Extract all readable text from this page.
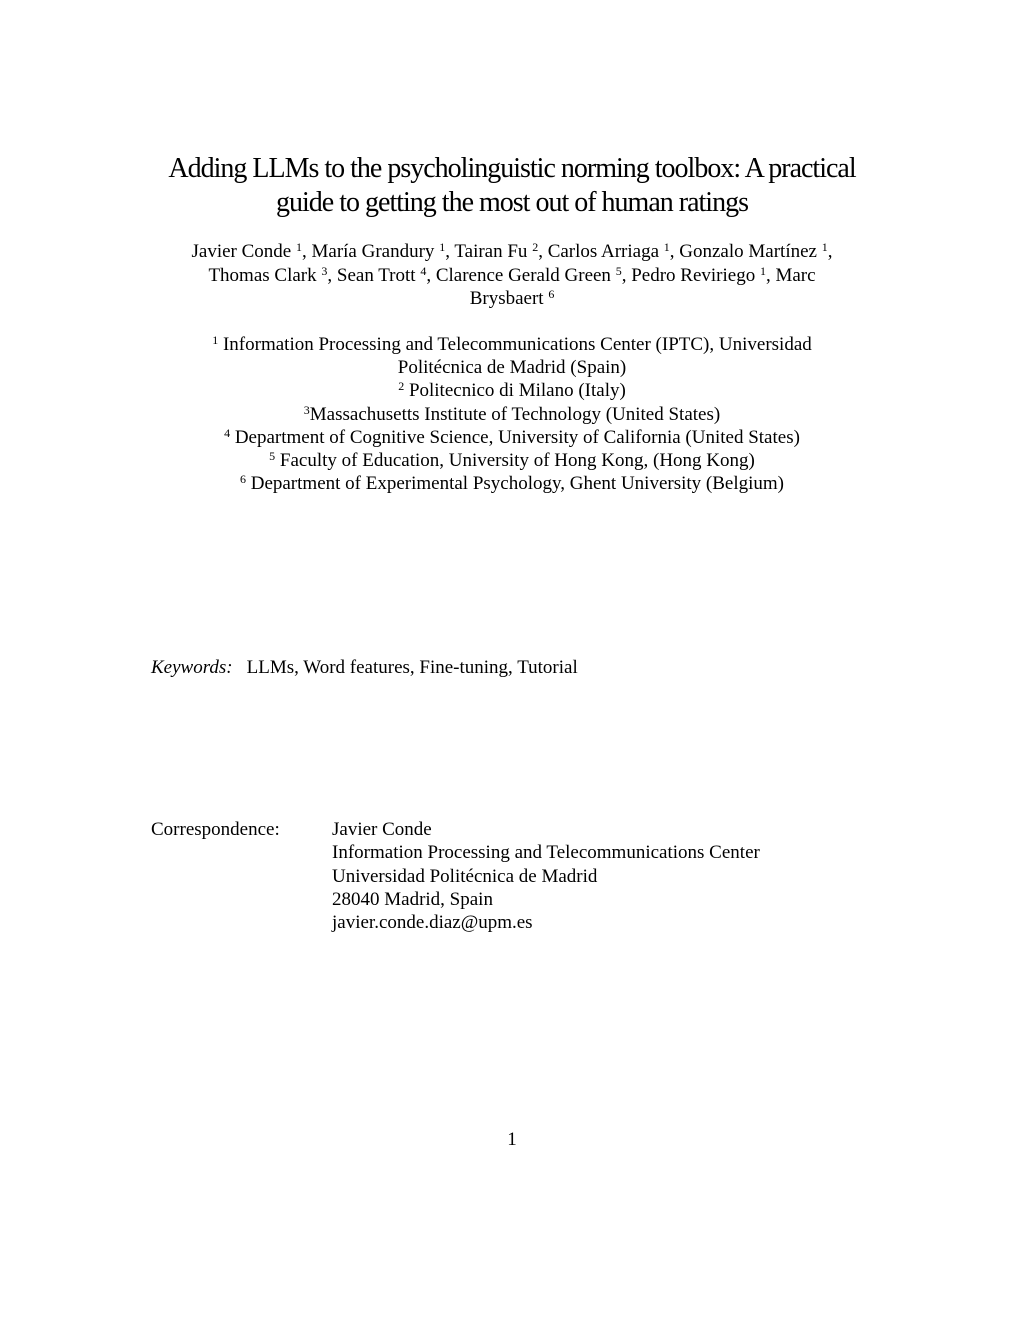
Adding LLMs to the psycholinguistic norming toolbox: A practical
guide to getting the most out of human ratings
Javier Conde $^1$, María Grandury $^1$, Tairan Fu $^2$, Carlos Arriaga $^1$, Gonzalo Martínez $^1$,
Thomas Clark $^3$, Sean Trott $^4$, Clarence Gerald Green $^5$, Pedro Reviriego $^1$, Marc
Brysbaert $^6$
$^1$ Information Processing and Telecommunications Center (IPTC), Universidad
Politécnica de Madrid (Spain)
$^2$ Politecnico di Milano (Italy)
$^3$Massachusetts Institute of Technology (United States)
$^4$ Department of Cognitive Science, University of California (United States)
$^5$ Faculty of Education, University of Hong Kong, (Hong Kong)
$^6$ Department of Experimental Psychology, Ghent University (Belgium)
Keywords: LLMs, Word features, Fine-tuning, Tutorial
Correspondence:	Javier Conde
Information Processing and Telecommunications Center
Universidad Politécnica de Madrid
28040 Madrid, Spain
javier.conde.diaz@upm.es
1
